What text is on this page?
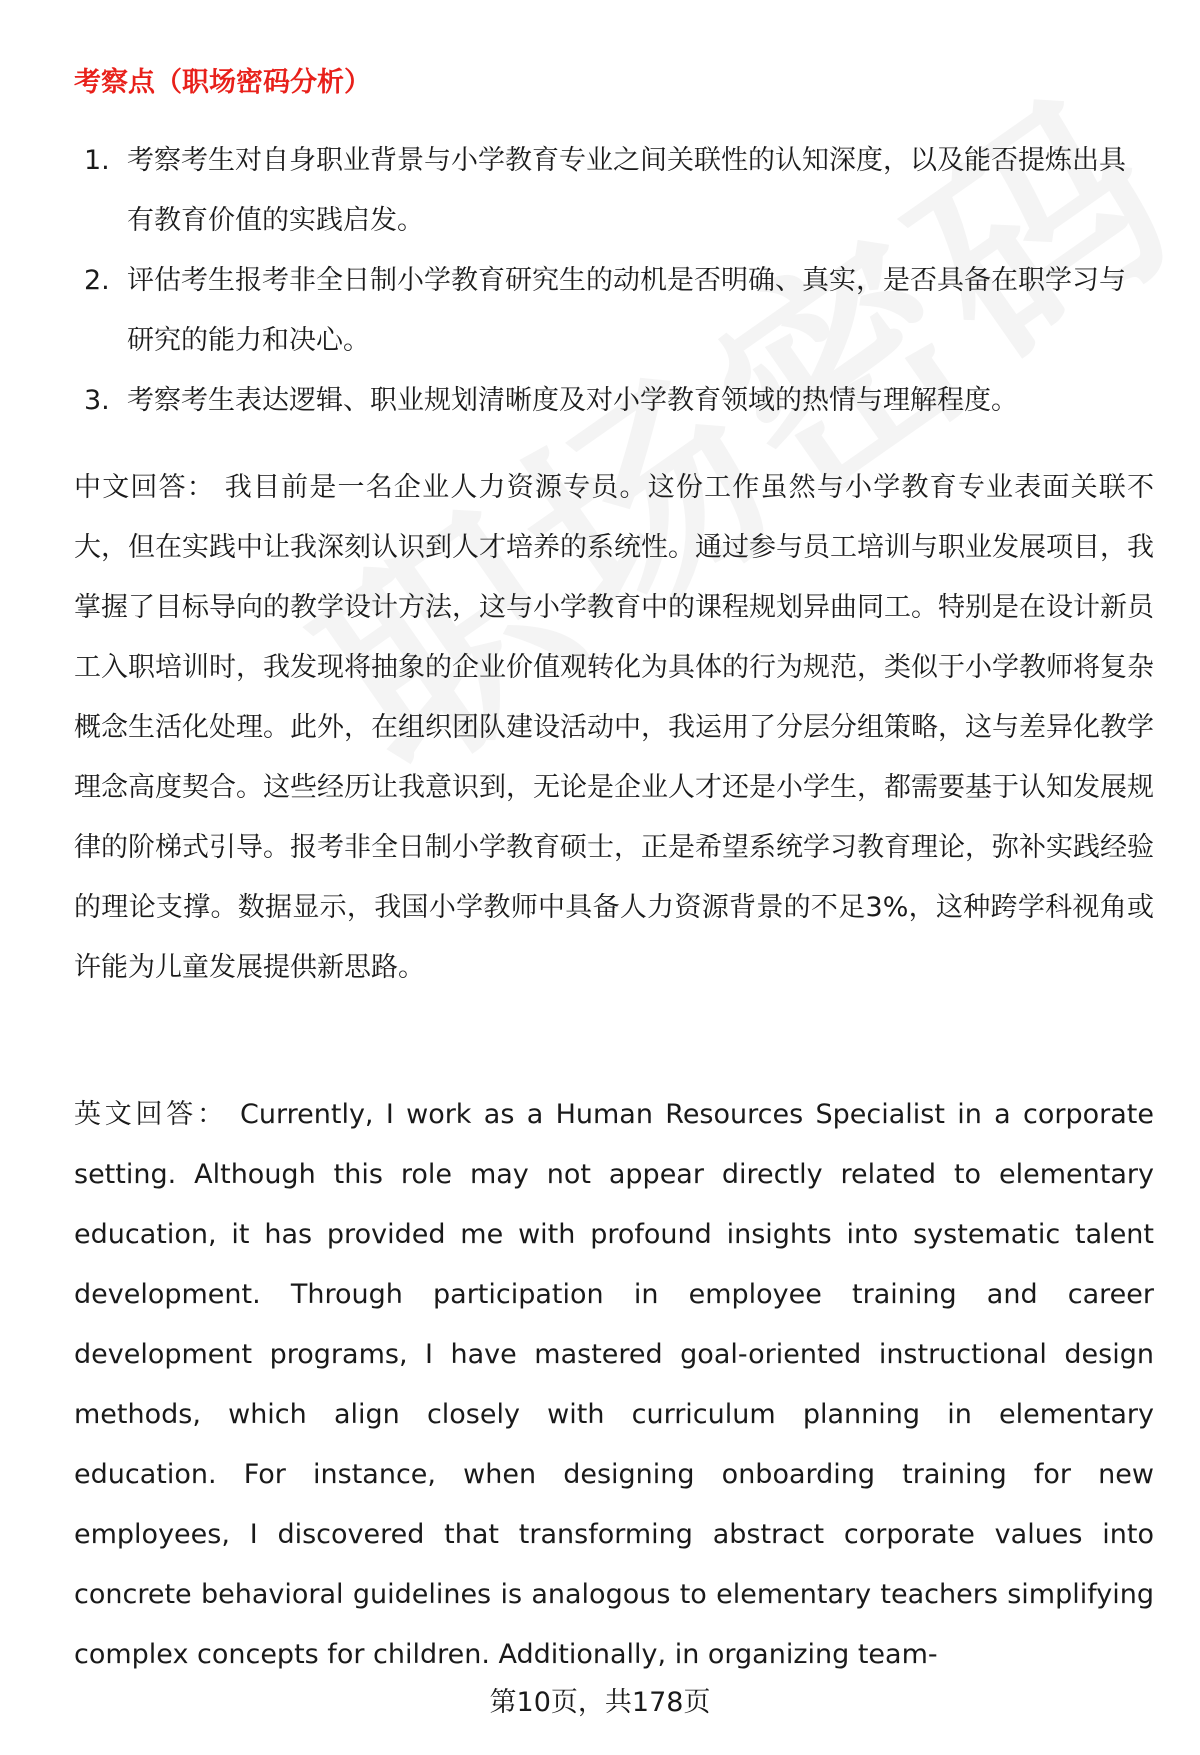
考察点（职场密码分析）
1. 考察考生对自身职业背景与小学教育专业之间关联性的认知深度，以及能否提炼出具有教育价值的实践启发。
2. 评估考生报考非全日制小学教育研究生的动机是否明确、真实，是否具备在职学习与研究的能力和决心。
3. 考察考生表达逻辑、职业规划清晰度及对小学教育领域的热情与理解程度。

中文回答： 我目前是一名企业人力资源专员。这份工作虽然与小学教育专业表面关联不大，但在实践中让我深刻认识到人才培养的系统性。通过参与员工培训与职业发展项目，我掌握了目标导向的教学设计方法，这与小学教育中的课程规划异曲同工。特别是在设计新员工入职培训时，我发现将抽象的企业价值观转化为具体的行为规范，类似于小学教师将复杂概念生活化处理。此外，在组织团队建设活动中，我运用了分层分组策略，这与差异化教学理念高度契合。这些经历让我意识到，无论是企业人才还是小学生，都需要基于认知发展规律的阶梯式引导。报考非全日制小学教育硕士，正是希望系统学习教育理论，弥补实践经验的理论支撑。数据显示，我国小学教师中具备人力资源背景的不足3%，这种跨学科视角或许能为儿童发展提供新思路。

英文回答： Currently, I work as a Human Resources Specialist in a corporate setting. Although this role may not appear directly related to elementary education, it has provided me with profound insights into systematic talent development. Through participation in employee training and career development programs, I have mastered goal-oriented instructional design methods, which align closely with curriculum planning in elementary education. For instance, when designing onboarding training for new employees, I discovered that transforming abstract corporate values into concrete behavioral guidelines is analogous to elementary teachers simplifying complex concepts for children. Additionally, in organizing team-

第10页，共178页
